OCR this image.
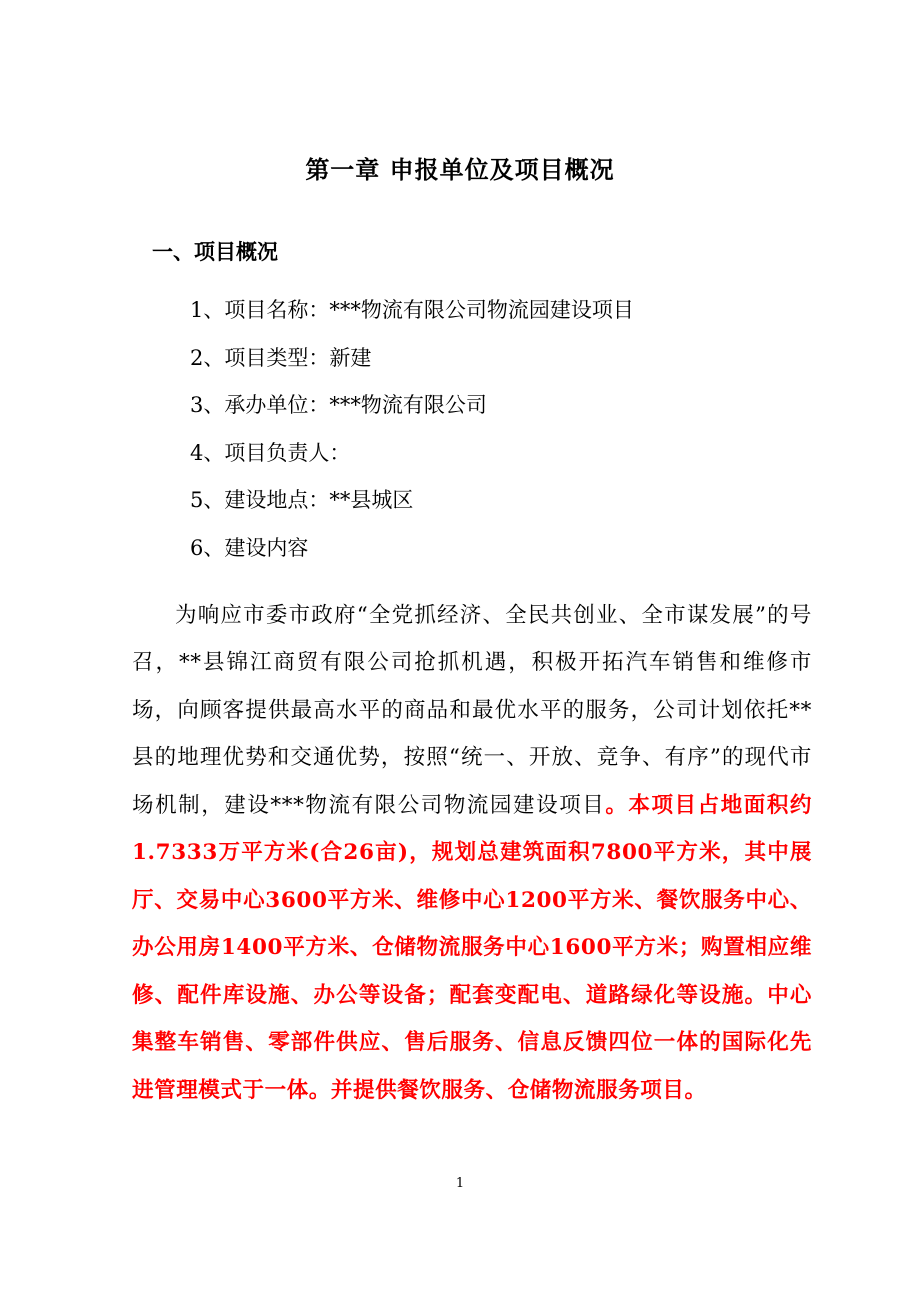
第一章 申报单位及项目概况
一、项目概况
1、项目名称：***物流有限公司物流园建设项目
2、项目类型：新建
3、承办单位：***物流有限公司
4、项目负责人：
5、建设地点：**县城区
6、建设内容

为响应市委市政府“全党抓经济、全民共创业、全市谋发展”的号召，**县锦江商贸有限公司抢抓机遇，积极开拓汽车销售和维修市场，向顾客提供最高水平的商品和最优水平的服务，公司计划依托**县的地理优势和交通优势，按照“统一、开放、竞争、有序”的现代市场机制，建设***物流有限公司物流园建设项目。本项目占地面积约1.7333万平方米(合26亩)，规划总建筑面积7800平方米，其中展厅、交易中心3600平方米、维修中心1200平方米、餐饮服务中心、办公用房1400平方米、仓储物流服务中心1600平方米；购置相应维修、配件库设施、办公等设备；配套变配电、道路绿化等设施。中心集整车销售、零部件供应、售后服务、信息反馈四位一体的国际化先进管理模式于一体。并提供餐饮服务、仓储物流服务项目。

1
